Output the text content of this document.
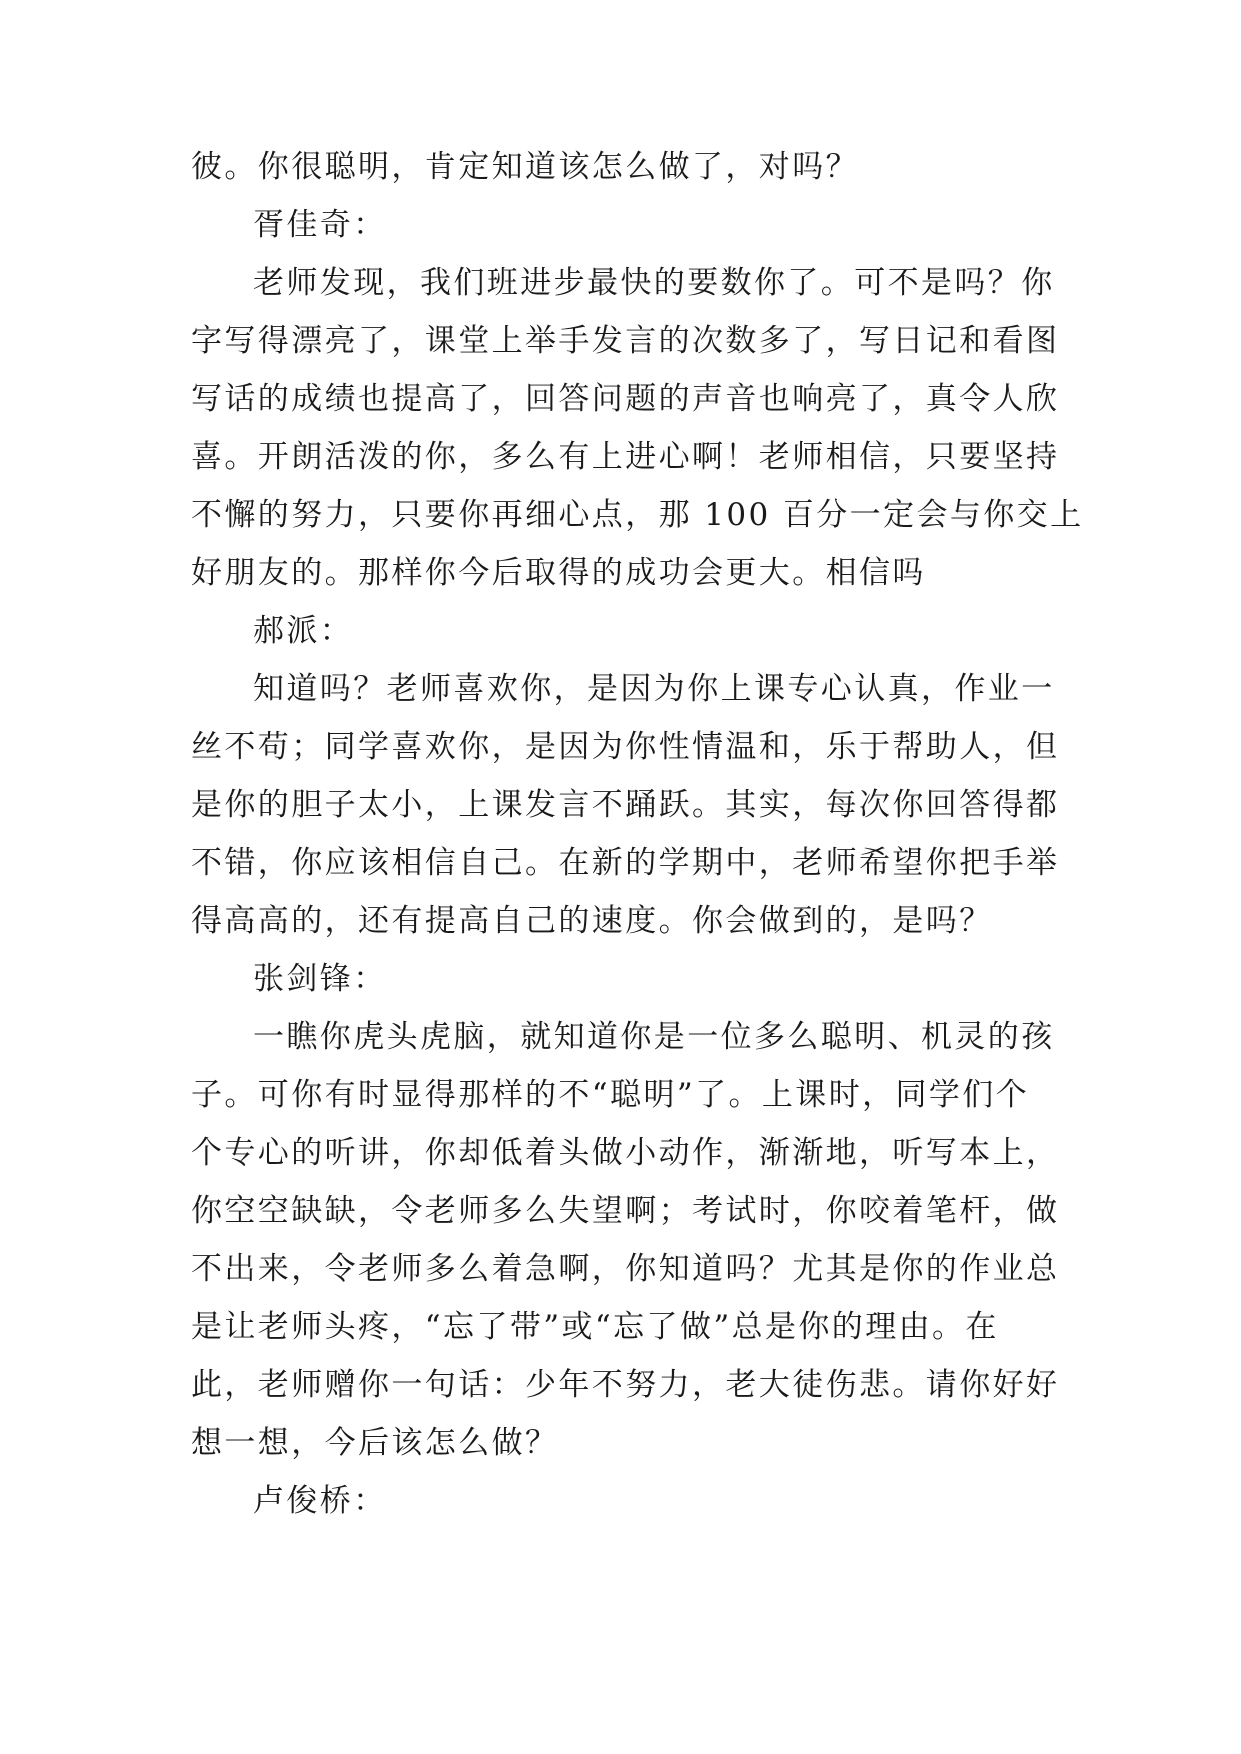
彼。你很聪明，肯定知道该怎么做了，对吗？

胥佳奇：

老师发现，我们班进步最快的要数你了。可不是吗？你
字写得漂亮了，课堂上举手发言的次数多了，写日记和看图
写话的成绩也提高了，回答问题的声音也响亮了，真令人欣
喜。开朗活泼的你，多么有上进心啊！老师相信，只要坚持
不懈的努力，只要你再细心点，那 100 百分一定会与你交上
好朋友的。那样你今后取得的成功会更大。相信吗

郝派：

知道吗？老师喜欢你，是因为你上课专心认真，作业一
丝不苟；同学喜欢你，是因为你性情温和，乐于帮助人，但
是你的胆子太小，上课发言不踊跃。其实，每次你回答得都
不错，你应该相信自己。在新的学期中，老师希望你把手举
得高高的，还有提高自己的速度。你会做到的，是吗？

张剑锋：

一瞧你虎头虎脑，就知道你是一位多么聪明、机灵的孩
子。可你有时显得那样的不“聪明”了。上课时，同学们个
个专心的听讲，你却低着头做小动作，渐渐地，听写本上，
你空空缺缺，令老师多么失望啊；考试时，你咬着笔杆，做
不出来，令老师多么着急啊，你知道吗？尤其是你的作业总
是让老师头疼，“忘了带”或“忘了做”总是你的理由。在
此，老师赠你一句话：少年不努力，老大徒伤悲。请你好好
想一想，今后该怎么做？

卢俊桥：
